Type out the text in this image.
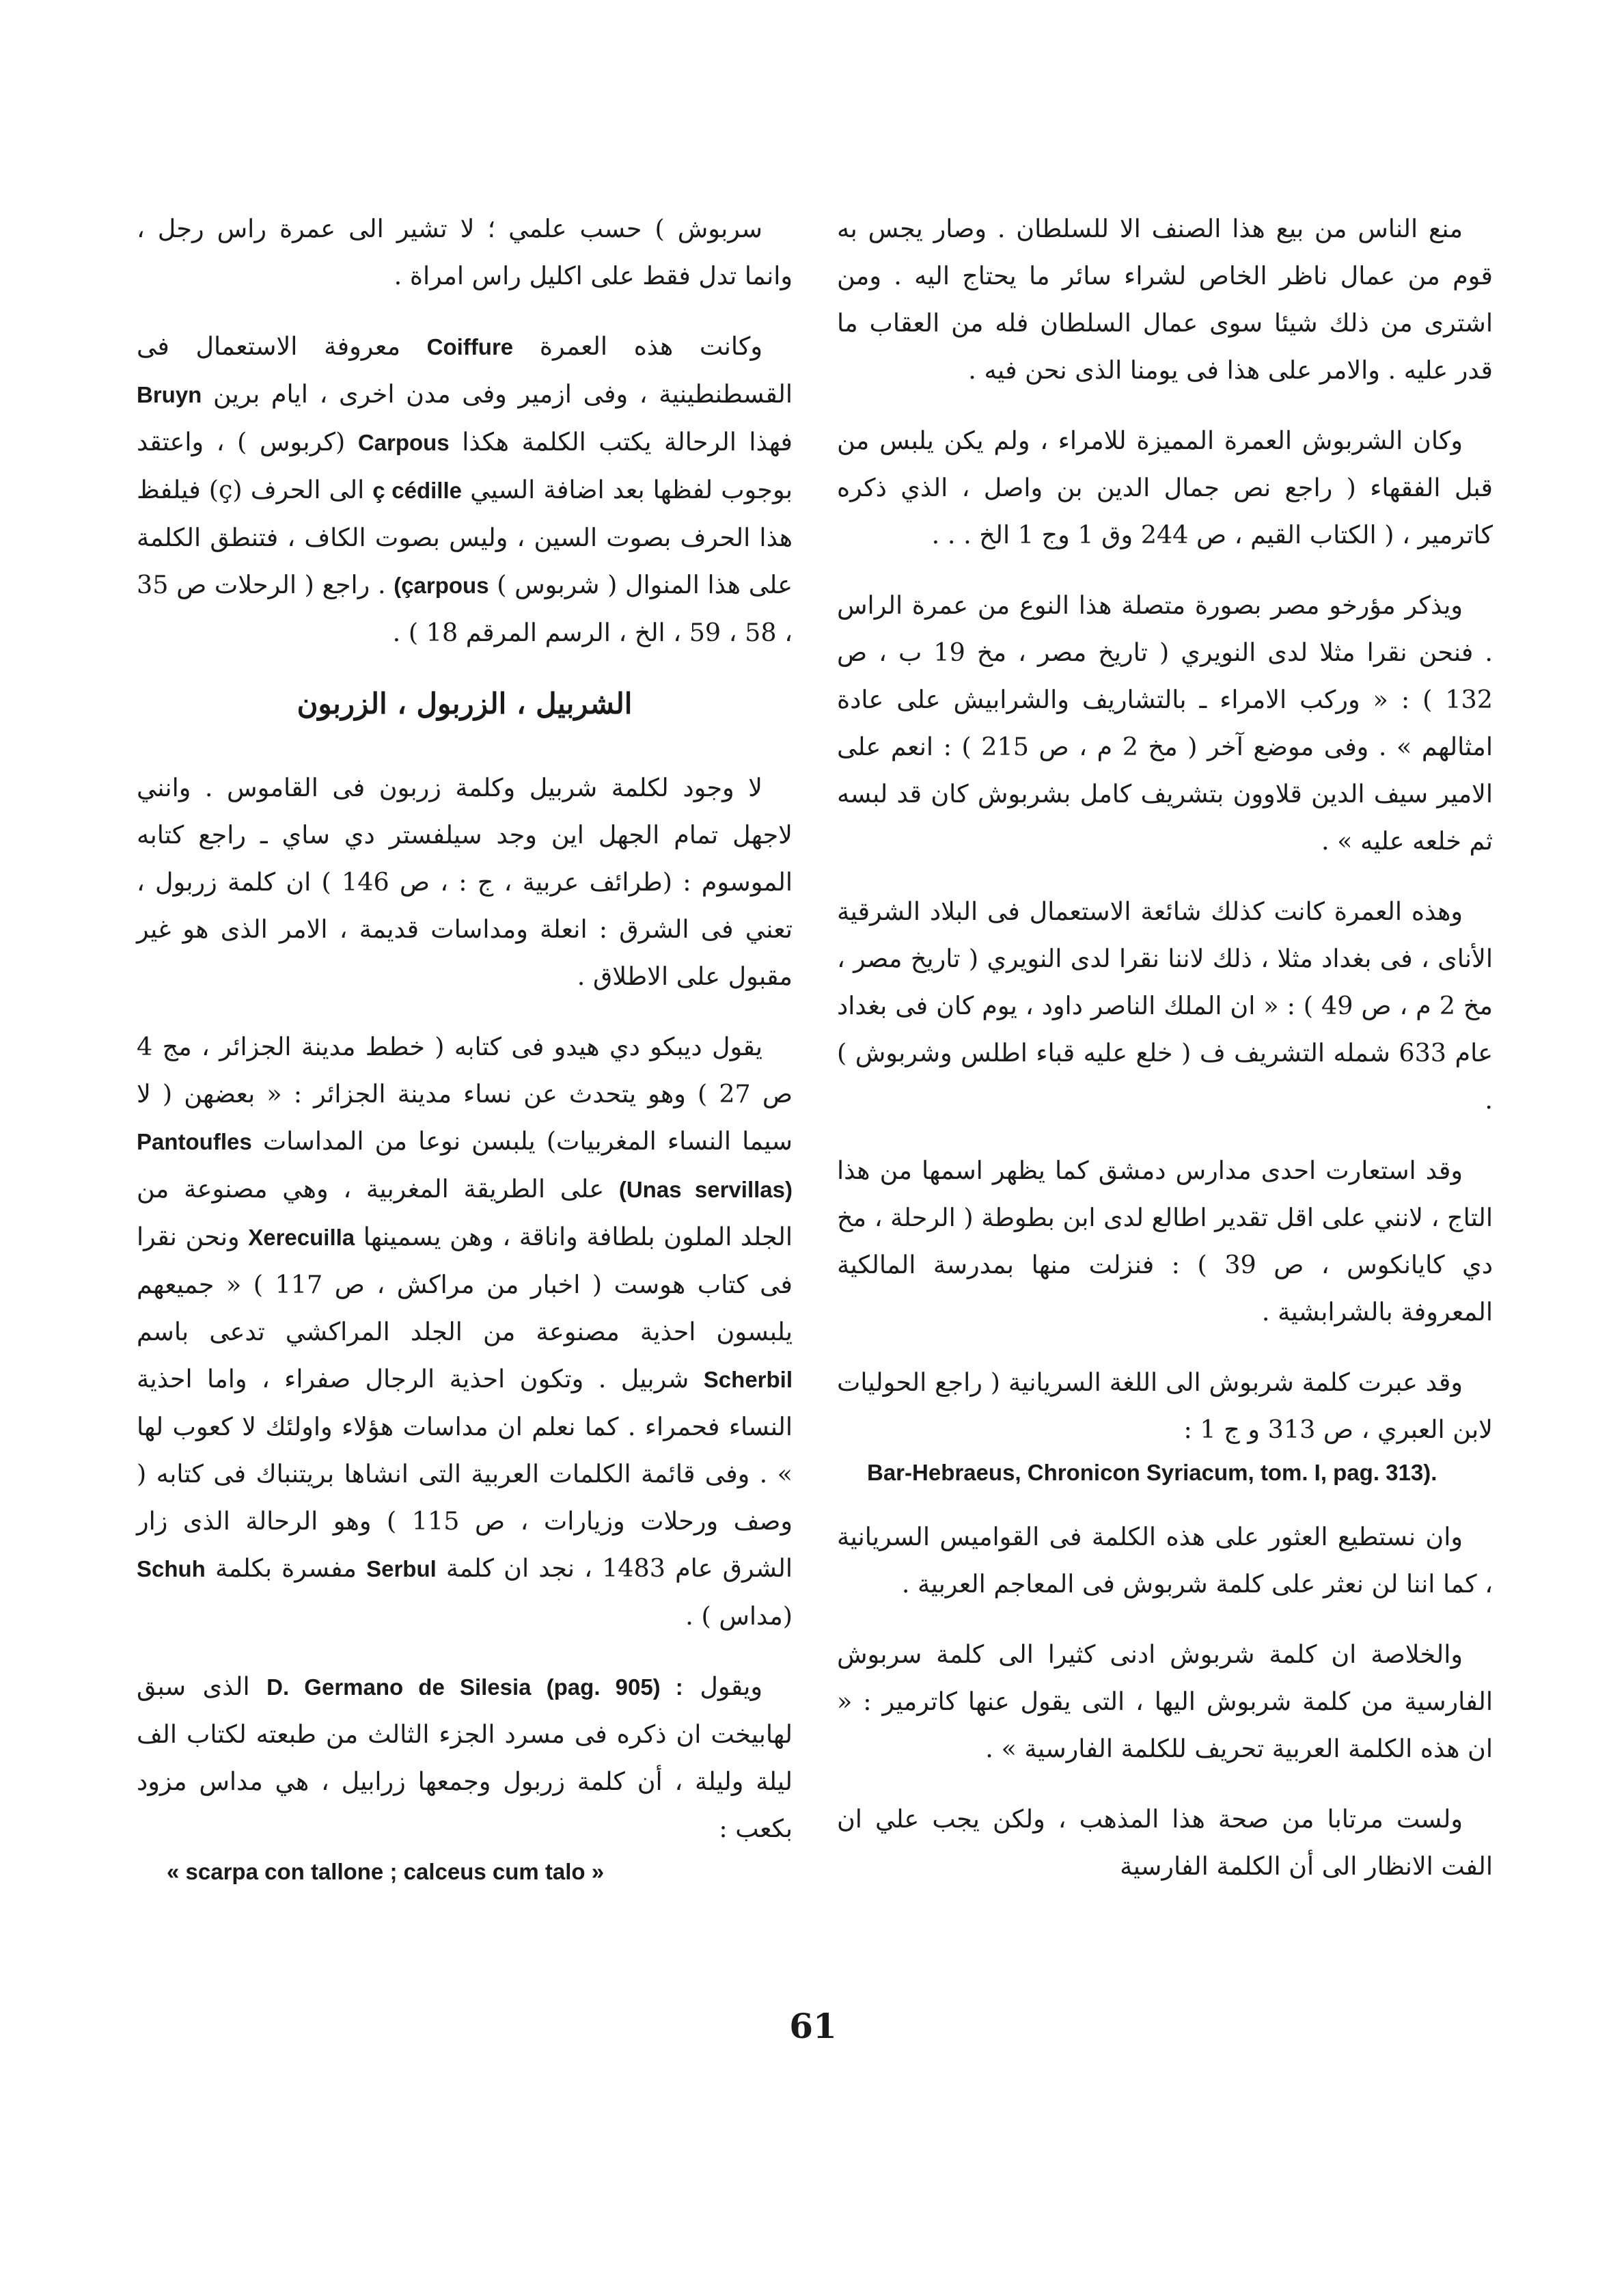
منع الناس من بيع هذا الصنف الا للسلطان . وصار يجس به قوم من عمال ناظر الخاص لشراء سائر ما يحتاج اليه . ومن اشترى من ذلك شيئا سوى عمال السلطان فله من العقاب ما قدر عليه . والامر على هذا فى يومنا الذى نحن فيه .

وكان الشربوش العمرة المميزة للامراء ، ولم يكن يلبس من قبل الفقهاء ( راجع نص جمال الدين بن واصل ، الذي ذكره كاترمير ، ( الكتاب القيم ، ص 244 وق 1 وج 1 الخ . . .

ويذكر مؤرخو مصر بصورة متصلة هذا النوع من عمرة الراس . فنحن نقرا مثلا لدى النويري ( تاريخ مصر ، مخ 19 ب ، ص 132 ) : « وركب الامراء ـ بالتشاريف والشرابيش على عادة امثالهم » . وفى موضع آخر ( مخ 2 م ، ص 215 ) : انعم على الامير سيف الدين قلاوون بتشريف كامل بشربوش كان قد لبسه ثم خلعه عليه » .

وهذه العمرة كانت كذلك شائعة الاستعمال فى البلاد الشرقية الأناى ، فى بغداد مثلا ، ذلك لاننا نقرا لدى النويري ( تاريخ مصر ، مخ 2 م ، ص 49 ) : « ان الملك الناصر داود ، يوم كان فى بغداد عام 633 شمله التشريف ف ( خلع عليه قباء اطلس وشربوش ) .

وقد استعارت احدى مدارس دمشق كما يظهر اسمها من هذا التاج ، لانني على اقل تقدير اطالع لدى ابن بطوطة ( الرحلة ، مخ دي كايانكوس ، ص 39 ) : فنزلت منها بمدرسة المالكية المعروفة بالشرابشية .

وقد عبرت كلمة شربوش الى اللغة السريانية ( راجع الحوليات لابن العبري ، ص 313 و ج 1 :
Bar-Hebraeus, Chronicon Syriacum, tom. I, pag. 313).

وان نستطيع العثور على هذه الكلمة فى القواميس السريانية ، كما اننا لن نعثر على كلمة شربوش فى المعاجم العربية .

والخلاصة ان كلمة شربوش ادنى كثيرا الى كلمة سربوش الفارسية من كلمة شربوش اليها ، التى يقول عنها كاترمير : « ان هذه الكلمة العربية تحريف للكلمة الفارسية » .

ولست مرتابا من صحة هذا المذهب ، ولكن يجب علي ان الفت الانظار الى أن الكلمة الفارسية

سربوش ) حسب علمي ؛ لا تشير الى عمرة راس رجل ، وانما تدل فقط على اكليل راس امراة .

وكانت هذه العمرة Coiffure معروفة الاستعمال فى القسطنطينية ، وفى ازمير وفى مدن اخرى ، ايام برين Bruyn فهذا الرحالة يكتب الكلمة هكذا Carpous (كربوس ) ، واعتقد بوجوب لفظها بعد اضافة السيي ç cédille الى الحرف (ç) فيلفظ هذا الحرف بصوت السين ، وليس بصوت الكاف ، فتنطق الكلمة على هذا المنوال ( شربوس ) (çarpous . راجع ( الرحلات ص 35 ، 58 ، 59 ، الخ ، الرسم المرقم 18 ) .

الشربيل ، الزربول ، الزربون

لا وجود لكلمة شربيل وكلمة زربون فى القاموس . وانني لاجهل تمام الجهل اين وجد سيلفستر دي ساي ـ راجع كتابه الموسوم : (طرائف عربية ، ج : ، ص 146 ) ان كلمة زربول ، تعني فى الشرق : انعلة ومداسات قديمة ، الامر الذى هو غير مقبول على الاطلاق .

يقول ديبكو دي هيدو فى كتابه ( خطط مدينة الجزائر ، مج 4 ص 27 ) وهو يتحدث عن نساء مدينة الجزائر : « بعضهن ( لا سيما النساء المغربيات) يلبسن نوعا من المداسات Pantoufles (Unas servillas) على الطريقة المغربية ، وهي مصنوعة من الجلد الملون بلطافة واناقة ، وهن يسمينها Xerecuilla ونحن نقرا فى كتاب هوست ( اخبار من مراكش ، ص 117 ) « جميعهم يلبسون احذية مصنوعة من الجلد المراكشي تدعى باسم Scherbil شربيل . وتكون احذية الرجال صفراء ، واما احذية النساء فحمراء . كما نعلم ان مداسات هؤلاء واولئك لا كعوب لها » . وفى قائمة الكلمات العربية التى انشاها بريتنباك فى كتابه ( وصف ورحلات وزيارات ، ص 115 ) وهو الرحالة الذى زار الشرق عام 1483 ، نجد ان كلمة Serbul مفسرة بكلمة Schuh (مداس ) .

ويقول D. Germano de Silesia (pag. 905) : الذى سبق لهابيخت ان ذكره فى مسرد الجزء الثالث من طبعته لكتاب الف ليلة وليلة ، أن كلمة زربول وجمعها زرابيل ، هي مداس مزود بكعب :
« scarpa con tallone ; calceus cum talo »
61
